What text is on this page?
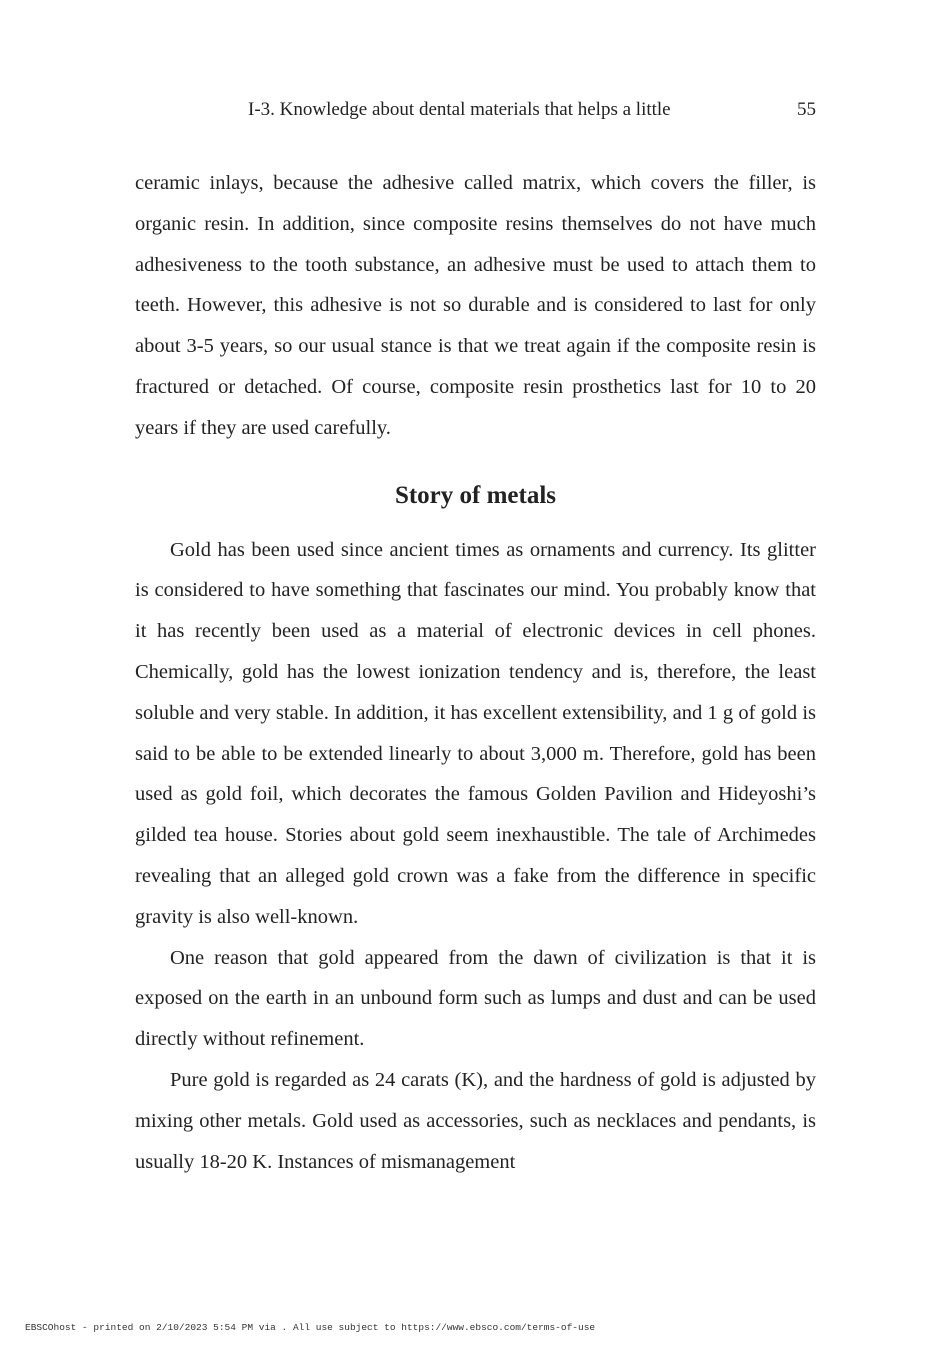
I-3. Knowledge about dental materials that helps a little	55

ceramic inlays, because the adhesive called matrix, which covers the filler, is organic resin. In addition, since composite resins themselves do not have much adhesiveness to the tooth substance, an adhesive must be used to attach them to teeth. However, this adhesive is not so durable and is considered to last for only about 3-5 years, so our usual stance is that we treat again if the composite resin is fractured or detached. Of course, composite resin prosthetics last for 10 to 20 years if they are used carefully.

Story of metals

Gold has been used since ancient times as ornaments and currency. Its glitter is considered to have something that fascinates our mind. You probably know that it has recently been used as a material of electronic devices in cell phones. Chemically, gold has the lowest ionization tendency and is, therefore, the least soluble and very stable. In addition, it has excellent extensibility, and 1 g of gold is said to be able to be extended linearly to about 3,000 m. Therefore, gold has been used as gold foil, which decorates the famous Golden Pavilion and Hideyoshi’s gilded tea house. Stories about gold seem inexhaustible. The tale of Archimedes revealing that an alleged gold crown was a fake from the difference in specific gravity is also well-known.

One reason that gold appeared from the dawn of civilization is that it is exposed on the earth in an unbound form such as lumps and dust and can be used directly without refinement.

Pure gold is regarded as 24 carats (K), and the hardness of gold is adjusted by mixing other metals. Gold used as accessories, such as necklaces and pendants, is usually 18-20 K. Instances of mismanagement

EBSCOhost - printed on 2/10/2023 5:54 PM via . All use subject to https://www.ebsco.com/terms-of-use
